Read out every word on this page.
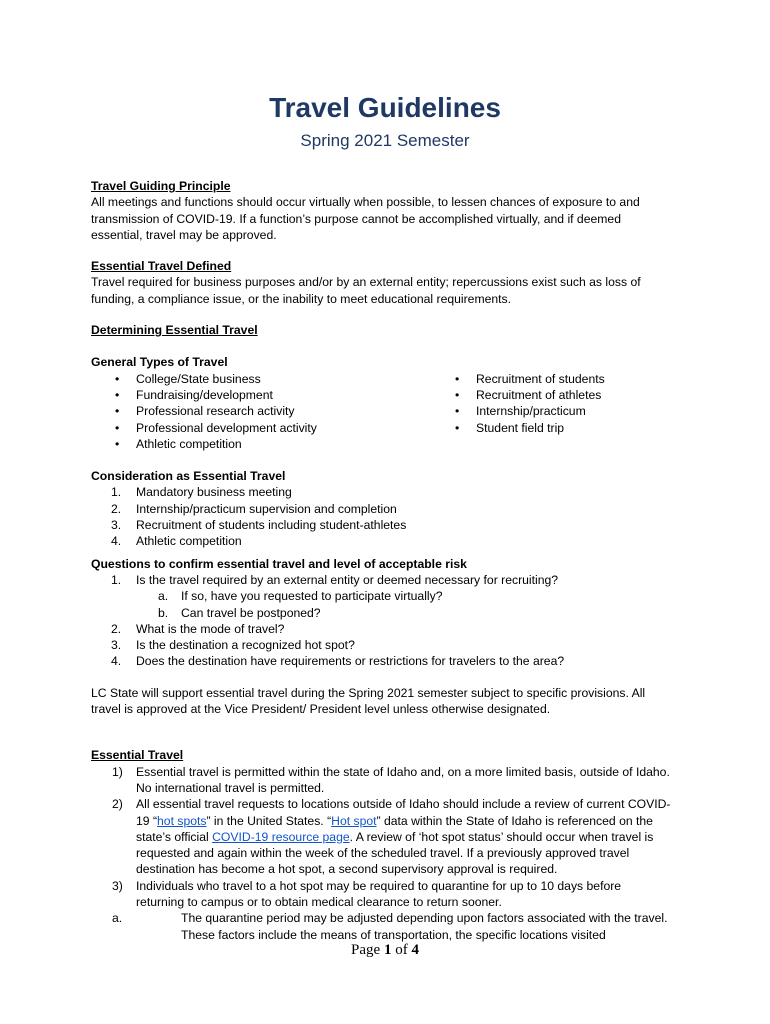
Travel Guidelines
Spring 2021 Semester

Travel Guiding Principle

All meetings and functions should occur virtually when possible, to lessen chances of exposure to and transmission of COVID-19. If a function’s purpose cannot be accomplished virtually, and if deemed essential, travel may be approved.

Essential Travel Defined

Travel required for business purposes and/or by an external entity; repercussions exist such as loss of funding, a compliance issue, or the inability to meet educational requirements.

Determining Essential Travel

General Types of Travel

• College/State business
• Fundraising/development
• Professional research activity
• Professional development activity
• Athletic competition
• Recruitment of students
• Recruitment of athletes
• Internship/practicum
• Student field trip

Consideration as Essential Travel

1. Mandatory business meeting
2. Internship/practicum supervision and completion
3. Recruitment of students including student-athletes
4. Athletic competition

Questions to confirm essential travel and level of acceptable risk

1. Is the travel required by an external entity or deemed necessary for recruiting?
a. If so, have you requested to participate virtually?
b. Can travel be postponed?
2. What is the mode of travel?
3. Is the destination a recognized hot spot?
4. Does the destination have requirements or restrictions for travelers to the area?

LC State will support essential travel during the Spring 2021 semester subject to specific provisions. All travel is approved at the Vice President/ President level unless otherwise designated.

Essential Travel

1) Essential travel is permitted within the state of Idaho and, on a more limited basis, outside of Idaho. No international travel is permitted.
2) All essential travel requests to locations outside of Idaho should include a review of current COVID-19 “hot spots” in the United States. “Hot spot” data within the State of Idaho is referenced on the state’s official COVID-19 resource page. A review of ‘hot spot status’ should occur when travel is requested and again within the week of the scheduled travel. If a previously approved travel destination has become a hot spot, a second supervisory approval is required.
3) Individuals who travel to a hot spot may be required to quarantine for up to 10 days before returning to campus or to obtain medical clearance to return sooner.
a.	The quarantine period may be adjusted depending upon factors associated with the travel. These factors include the means of transportation, the specific locations visited
Page 1 of 4
